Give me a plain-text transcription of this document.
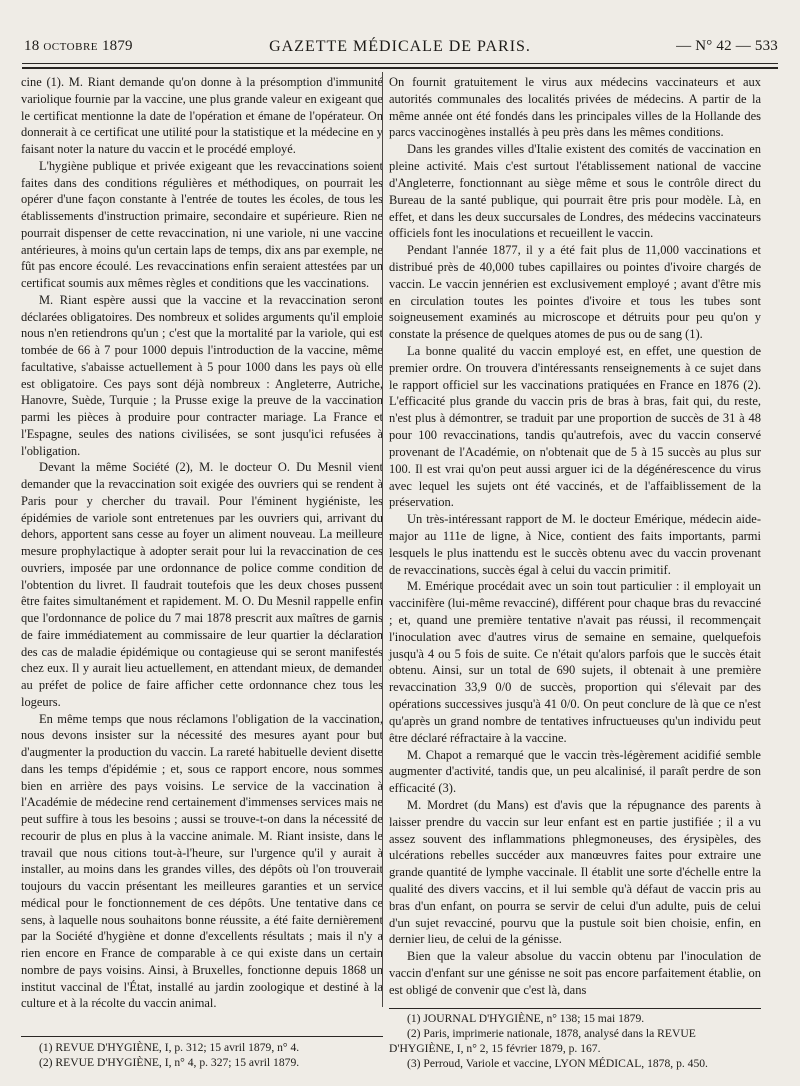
18 OCTOBRE 1879	GAZETTE MÉDICALE DE PARIS.	— N° 42 — 533

cine (1). M. Riant demande qu'on donne à la présomption d'immunité variolique fournie par la vaccine, une plus grande valeur en exigeant que le certificat mentionne la date de l'opération et émane de l'opérateur. On donnerait à ce certificat une utilité pour la statistique et la médecine en y faisant noter la nature du vaccin et le procédé employé.

L'hygiène publique et privée exigeant que les revaccinations soient faites dans des conditions régulières et méthodiques, on pourrait les opérer d'une façon constante à l'entrée de toutes les écoles, de tous les établissements d'instruction primaire, secondaire et supérieure. Rien ne pourrait dispenser de cette revaccination, ni une variole, ni une vaccine antérieures, à moins qu'un certain laps de temps, dix ans par exemple, ne fût pas encore écoulé. Les revaccinations enfin seraient attestées par un certificat soumis aux mêmes règles et conditions que les vaccinations.

M. Riant espère aussi que la vaccine et la revaccination seront déclarées obligatoires. Des nombreux et solides arguments qu'il emploie nous n'en retiendrons qu'un ; c'est que la mortalité par la variole, qui est tombée de 66 à 7 pour 1000 depuis l'introduction de la vaccine, même facultative, s'abaisse actuellement à 5 pour 1000 dans les pays où elle est obligatoire. Ces pays sont déjà nombreux : Angleterre, Autriche, Hanovre, Suède, Turquie ; la Prusse exige la preuve de la vaccination parmi les pièces à produire pour contracter mariage. La France et l'Espagne, seules des nations civilisées, se sont jusqu'ici refusées à l'obligation.

Devant la même Société (2), M. le docteur O. Du Mesnil vient demander que la revaccination soit exigée des ouvriers qui se rendent à Paris pour y chercher du travail. Pour l'éminent hygiéniste, les épidémies de variole sont entretenues par les ouvriers qui, arrivant du dehors, apportent sans cesse au foyer un aliment nouveau. La meilleure mesure prophylactique à adopter serait pour lui la revaccination de ces ouvriers, imposée par une ordonnance de police comme condition de l'obtention du livret. Il faudrait toutefois que les deux choses pussent être faites simultanément et rapidement. M. O. Du Mesnil rappelle enfin que l'ordonnance de police du 7 mai 1878 prescrit aux maîtres de garnis de faire immédiatement au commissaire de leur quartier la déclaration des cas de maladie épidémique ou contagieuse qui se seront manifestés chez eux. Il y aurait lieu actuellement, en attendant mieux, de demander au préfet de police de faire afficher cette ordonnance chez tous les logeurs.

En même temps que nous réclamons l'obligation de la vaccination, nous devons insister sur la nécessité des mesures ayant pour but d'augmenter la production du vaccin. La rareté habituelle devient disette dans les temps d'épidémie ; et, sous ce rapport encore, nous sommes bien en arrière des pays voisins. Le service de la vaccination à l'Académie de médecine rend certainement d'immenses services mais ne peut suffire à tous les besoins ; aussi se trouve-t-on dans la nécessité de recourir de plus en plus à la vaccine animale. M. Riant insiste, dans le travail que nous citions tout-à-l'heure, sur l'urgence qu'il y aurait à installer, au moins dans les grandes villes, des dépôts où l'on trouverait toujours du vaccin présentant les meilleures garanties et un service médical pour le fonctionnement de ces dépôts. Une tentative dans ce sens, à laquelle nous souhaitons bonne réussite, a été faite dernièrement par la Société d'hygiène et donne d'excellents résultats ; mais il n'y a rien encore en France de comparable à ce qui existe dans un certain nombre de pays voisins. Ainsi, à Bruxelles, fonctionne depuis 1868 un institut vaccinal de l'État, installé au jardin zoologique et destiné à la culture et à la récolte du vaccin animal.

On fournit gratuitement le virus aux médecins vaccinateurs et aux autorités communales des localités privées de médecins. A partir de la même année ont été fondés dans les principales villes de la Hollande des parcs vaccinogènes installés à peu près dans les mêmes conditions.

Dans les grandes villes d'Italie existent des comités de vaccination en pleine activité. Mais c'est surtout l'établissement national de vaccine d'Angleterre, fonctionnant au siège même et sous le contrôle direct du Bureau de la santé publique, qui pourrait être pris pour modèle. Là, en effet, et dans les deux succursales de Londres, des médecins vaccinateurs officiels font les inoculations et recueillent le vaccin.

Pendant l'année 1877, il y a été fait plus de 11,000 vaccinations et distribué près de 40,000 tubes capillaires ou pointes d'ivoire chargés de vaccin. Le vaccin jennérien est exclusivement employé ; avant d'être mis en circulation toutes les pointes d'ivoire et tous les tubes sont soigneusement examinés au microscope et détruits pour peu qu'on y constate la présence de quelques atomes de pus ou de sang (1).

La bonne qualité du vaccin employé est, en effet, une question de premier ordre. On trouvera d'intéressants renseignements à ce sujet dans le rapport officiel sur les vaccinations pratiquées en France en 1876 (2). L'efficacité plus grande du vaccin pris de bras à bras, fait qui, du reste, n'est plus à démontrer, se traduit par une proportion de succès de 31 à 48 pour 100 revaccinations, tandis qu'autrefois, avec du vaccin conservé provenant de l'Académie, on n'obtenait que de 5 à 15 succès au plus sur 100. Il est vrai qu'on peut aussi arguer ici de la dégénérescence du virus avec lequel les sujets ont été vaccinés, et de l'affaiblissement de la préservation.

Un très-intéressant rapport de M. le docteur Emérique, médecin aide-major au 111e de ligne, à Nice, contient des faits importants, parmi lesquels le plus inattendu est le succès obtenu avec du vaccin provenant de revaccinations, succès égal à celui du vaccin primitif.

M. Emérique procédait avec un soin tout particulier : il employait un vaccinifère (lui-même revacciné), différent pour chaque bras du revacciné ; et, quand une première tentative n'avait pas réussi, il recommençait l'inoculation avec d'autres virus de semaine en semaine, quelquefois jusqu'à 4 ou 5 fois de suite. Ce n'était qu'alors parfois que le succès était obtenu. Ainsi, sur un total de 690 sujets, il obtenait à une première revaccination 33,9 0/0 de succès, proportion qui s'élevait par des opérations successives jusqu'à 41 0/0. On peut conclure de là que ce n'est qu'après un grand nombre de tentatives infructueuses qu'un individu peut être déclaré réfractaire à la vaccine.

M. Chapot a remarqué que le vaccin très-légèrement acidifié semble augmenter d'activité, tandis que, un peu alcalinisé, il paraît perdre de son efficacité (3).

M. Mordret (du Mans) est d'avis que la répugnance des parents à laisser prendre du vaccin sur leur enfant est en partie justifiée ; il a vu assez souvent des inflammations phlegmoneuses, des érysipèles, des ulcérations rebelles succéder aux manœuvres faites pour extraire une grande quantité de lymphe vaccinale. Il établit une sorte d'échelle entre la qualité des divers vaccins, et il lui semble qu'à défaut de vaccin pris au bras d'un enfant, on pourra se servir de celui d'un adulte, puis de celui d'un sujet revacciné, pourvu que la pustule soit bien choisie, enfin, en dernier lieu, de celui de la génisse.

Bien que la valeur absolue du vaccin obtenu par l'inoculation de vaccin d'enfant sur une génisse ne soit pas encore parfaitement établie, on est obligé de convenir que c'est là, dans

(1) JOURNAL D'HYGIÈNE, n° 138; 15 mai 1879.
(2) Paris, imprimerie nationale, 1878, analysé dans la REVUE D'HYGIÈNE, I, n° 2, 15 février 1879, p. 167.
(3) Perroud, Variole et vaccine, LYON MÉDICAL, 1878, p. 450.
(1) REVUE D'HYGIÈNE, I, p. 312; 15 avril 1879, n° 4.
(2) REVUE D'HYGIÈNE, I, n° 4, p. 327; 15 avril 1879.
